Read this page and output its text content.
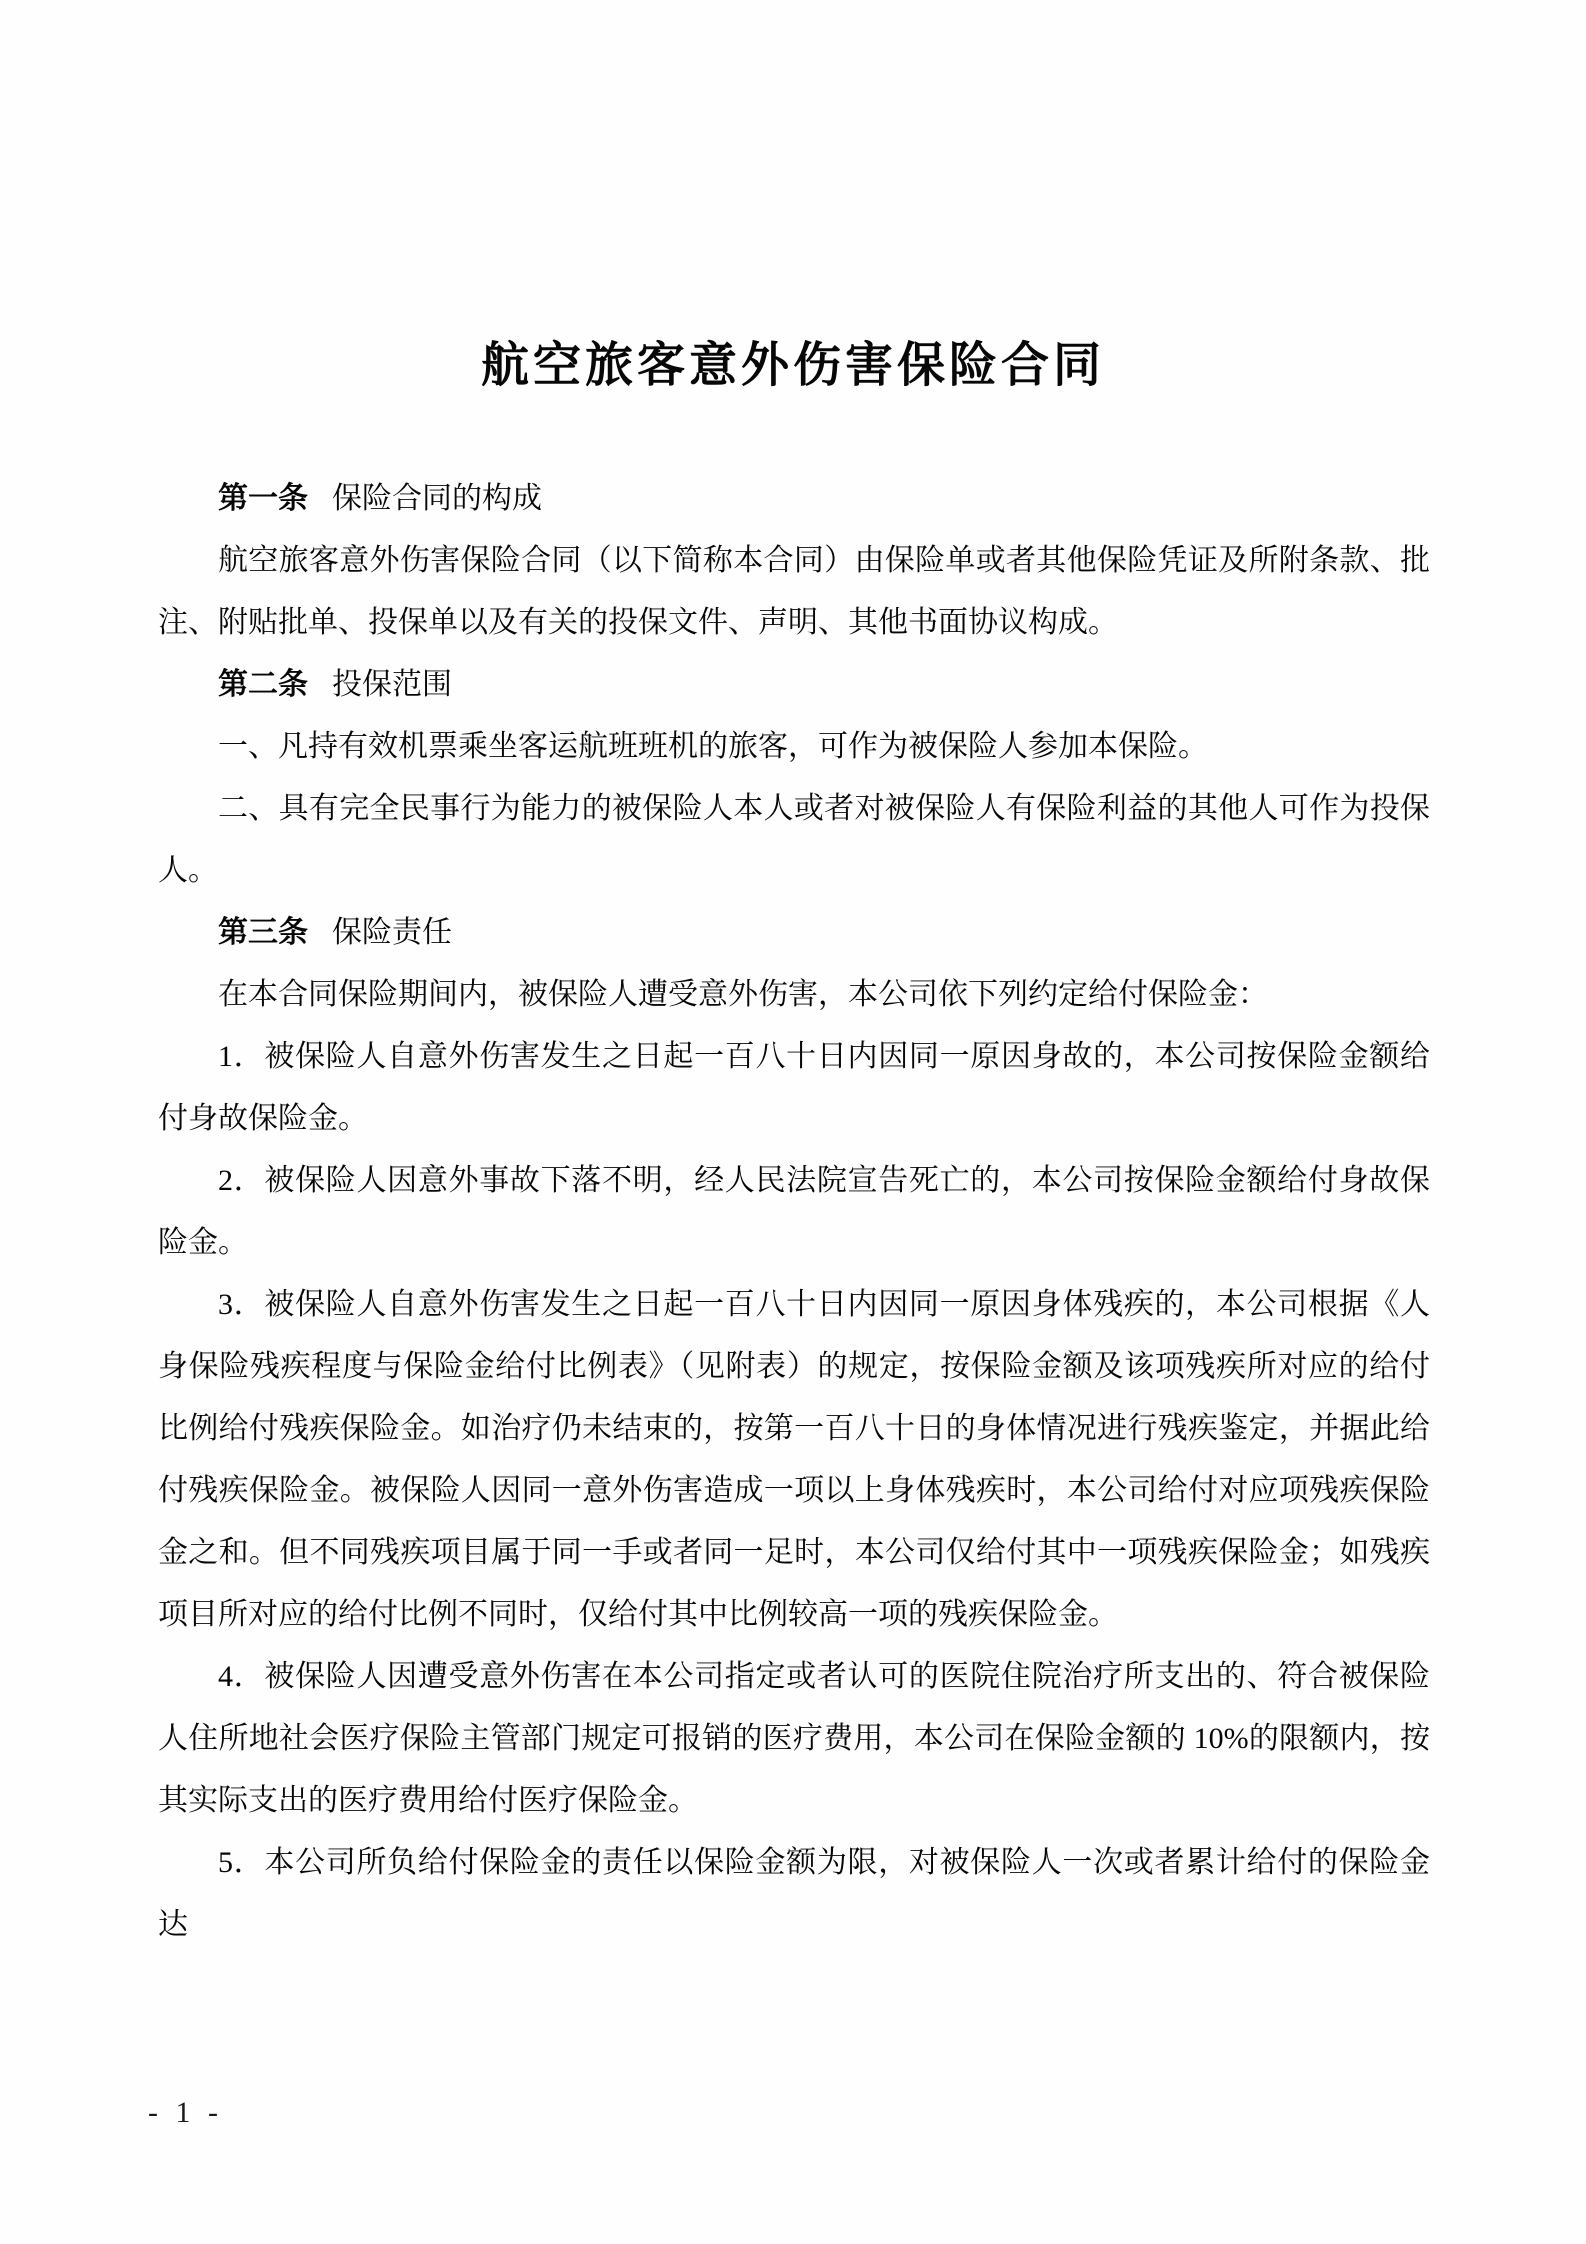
航空旅客意外伤害保险合同

第一条 保险合同的构成

航空旅客意外伤害保险合同（以下简称本合同）由保险单或者其他保险凭证及所附条款、批注、附贴批单、投保单以及有关的投保文件、声明、其他书面协议构成。

第二条 投保范围

一、凡持有效机票乘坐客运航班班机的旅客，可作为被保险人参加本保险。

二、具有完全民事行为能力的被保险人本人或者对被保险人有保险利益的其他人可作为投保人。

第三条 保险责任

在本合同保险期间内，被保险人遭受意外伤害，本公司依下列约定给付保险金：

1．被保险人自意外伤害发生之日起一百八十日内因同一原因身故的，本公司按保险金额给付身故保险金。

2．被保险人因意外事故下落不明，经人民法院宣告死亡的，本公司按保险金额给付身故保险金。

3．被保险人自意外伤害发生之日起一百八十日内因同一原因身体残疾的，本公司根据《人身保险残疾程度与保险金给付比例表》（见附表）的规定，按保险金额及该项残疾所对应的给付比例给付残疾保险金。如治疗仍未结束的，按第一百八十日的身体情况进行残疾鉴定，并据此给付残疾保险金。被保险人因同一意外伤害造成一项以上身体残疾时，本公司给付对应项残疾保险金之和。但不同残疾项目属于同一手或者同一足时，本公司仅给付其中一项残疾保险金；如残疾项目所对应的给付比例不同时，仅给付其中比例较高一项的残疾保险金。

4．被保险人因遭受意外伤害在本公司指定或者认可的医院住院治疗所支出的、符合被保险人住所地社会医疗保险主管部门规定可报销的医疗费用，本公司在保险金额的 10%的限额内，按其实际支出的医疗费用给付医疗保险金。

5．本公司所负给付保险金的责任以保险金额为限，对被保险人一次或者累计给付的保险金达

- 1 -
